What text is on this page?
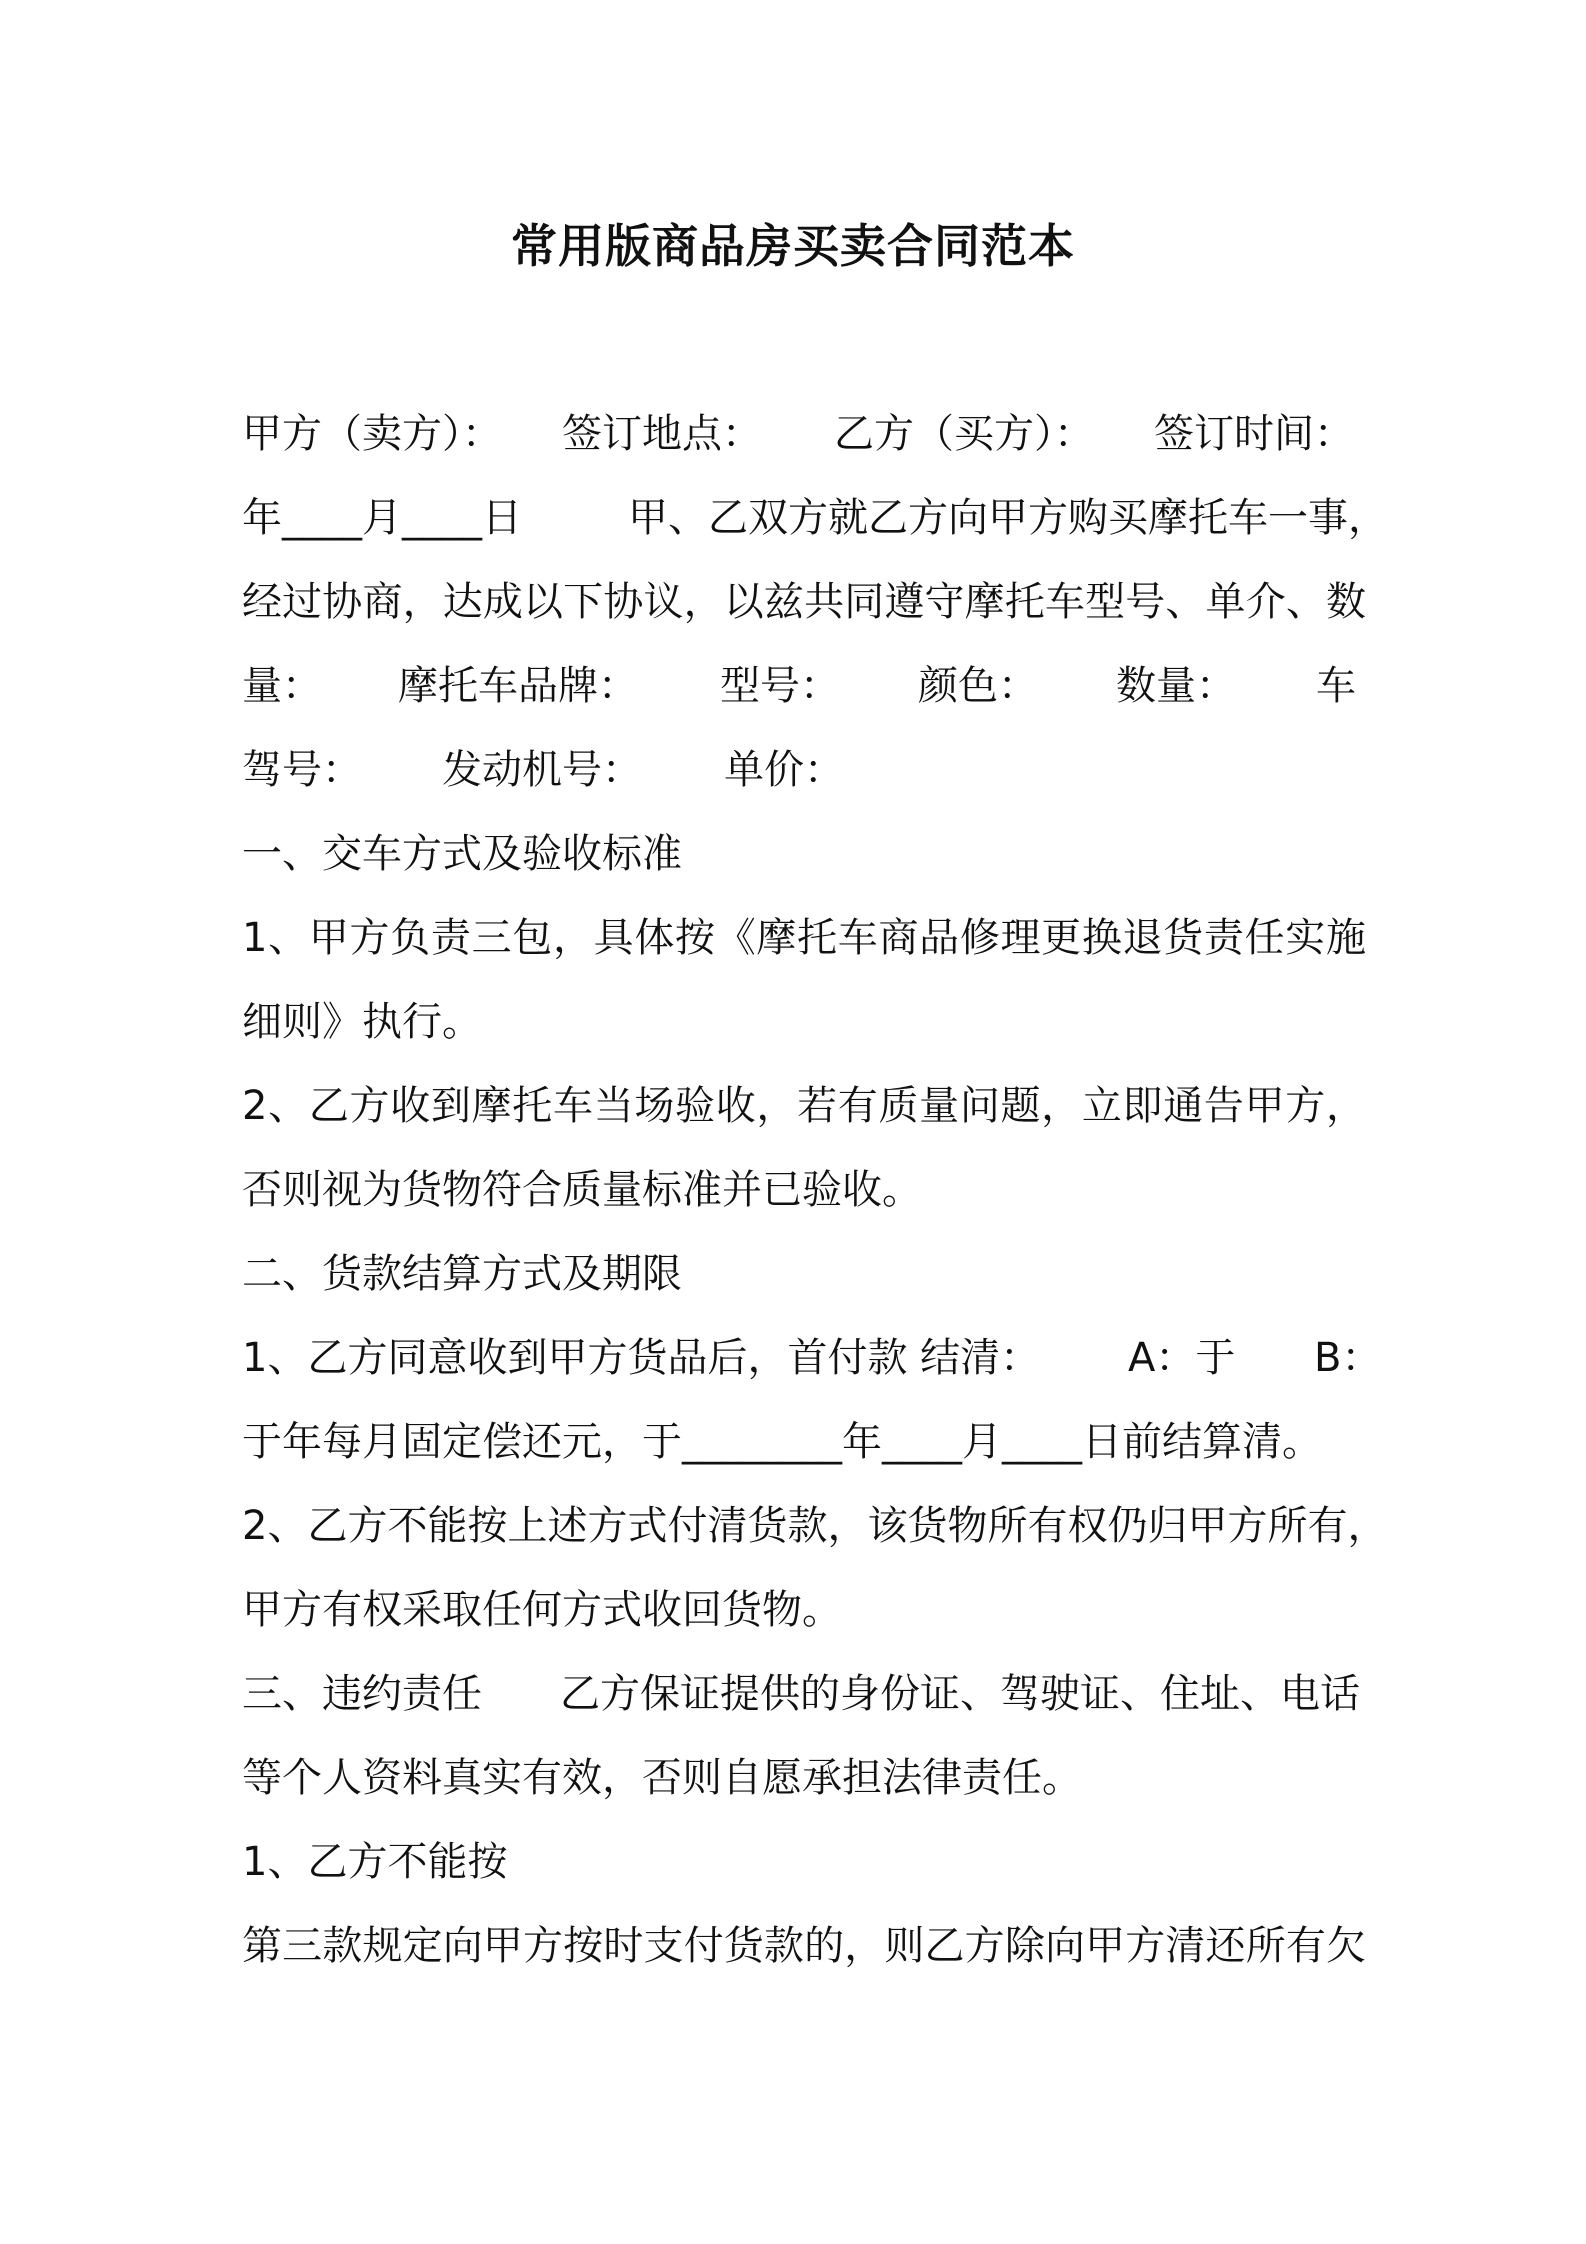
常用版商品房买卖合同范本
甲方（卖方）： 签订地点： 乙方（买方）： 签订时间：
年____月____日	甲、乙双方就乙方向甲方购买摩托车一事，
经过协商，达成以下协议，以兹共同遵守摩托车型号、单介、数
量： 摩托车品牌： 型号： 颜色： 数量： 车
驾号： 发动机号： 单价：
一、交车方式及验收标准
1、甲方负责三包，具体按《摩托车商品修理更换退货责任实施
细则》执行。
2、乙方收到摩托车当场验收，若有质量问题，立即通告甲方，
否则视为货物符合质量标准并已验收。
二、货款结算方式及期限
1、乙方同意收到甲方货品后，首付款 结清： A：于 B：
于年每月固定偿还元，于________年____月____日前结算清。
2、乙方不能按上述方式付清货款，该货物所有权仍归甲方所有，
甲方有权采取任何方式收回货物。
三、违约责任 乙方保证提供的身份证、驾驶证、住址、电话
等个人资料真实有效，否则自愿承担法律责任。
1、乙方不能按
第三款规定向甲方按时支付货款的，则乙方除向甲方清还所有欠
